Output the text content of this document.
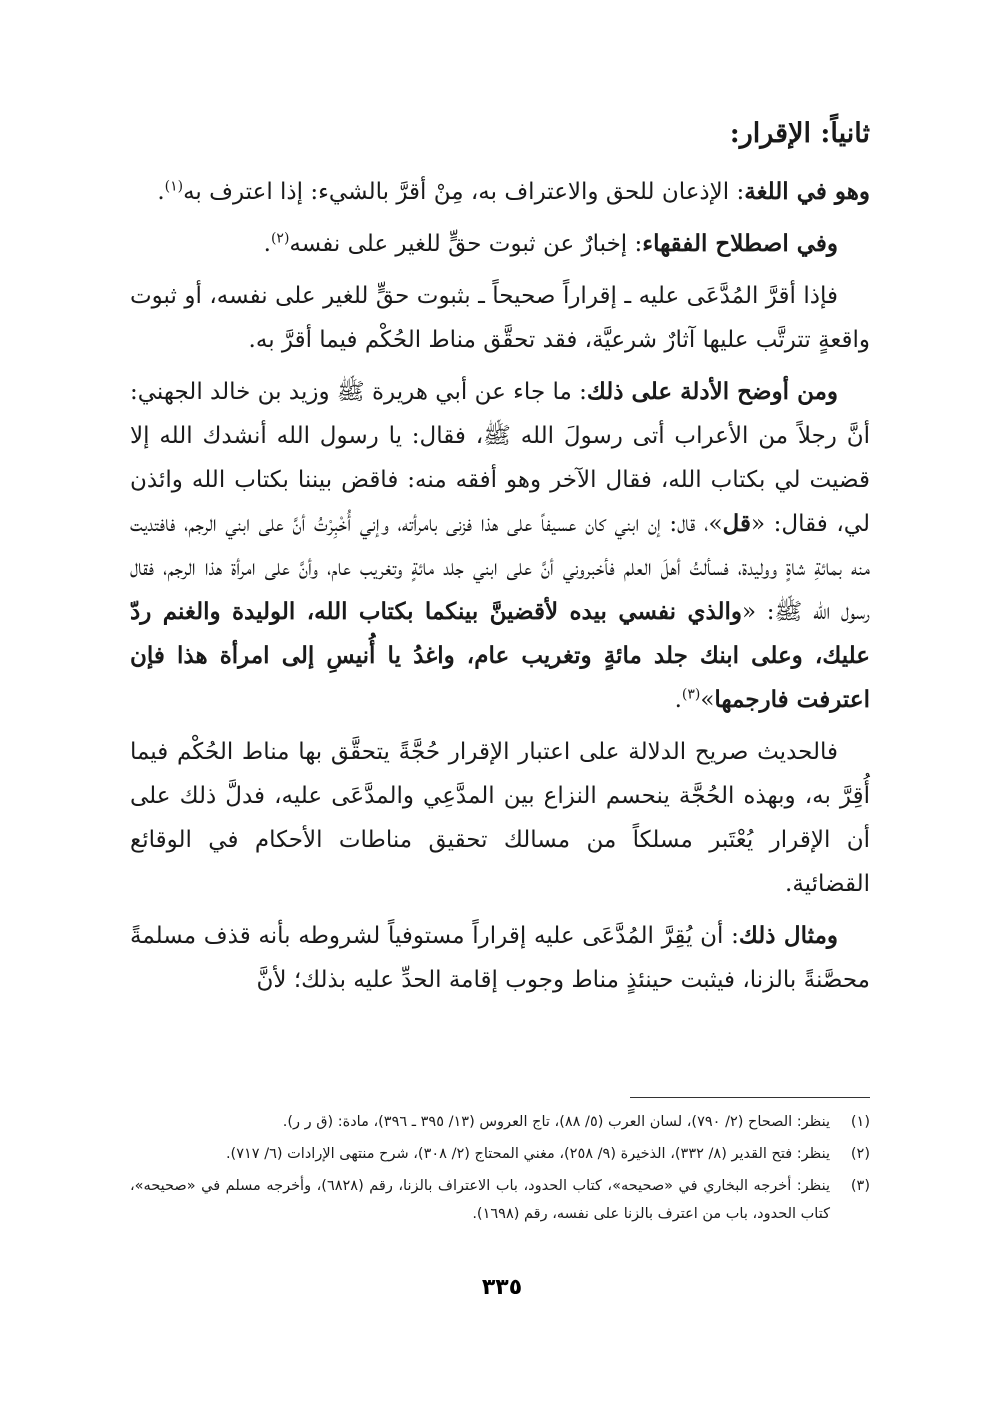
ثانياً: الإقرار:

وهو في اللغة: الإذعان للحق والاعتراف به، مِنْ أقرَّ بالشيء: إذا اعترف به$^{(١)}$.

وفي اصطلاح الفقهاء: إخبارٌ عن ثبوت حقٍّ للغير على نفسه$^{(٢)}$.

فإذا أقرَّ المُدَّعَى عليه ـ إقراراً صحيحاً ـ بثبوت حقٍّ للغير على نفسه، أو ثبوت واقعةٍ تترتَّب عليها آثارٌ شرعيَّة، فقد تحقَّق مناط الحُكْم فيما أقرَّ به.

ومن أوضح الأدلة على ذلك: ما جاء عن أبي هريرة ﷺ وزيد بن خالد الجهني: أنَّ رجلاً من الأعراب أتى رسولَ الله ﷺ، فقال: يا رسول الله أنشدك الله إلا قضيت لي بكتاب الله، فقال الآخر وهو أفقه منه: فاقض بيننا بكتاب الله وائذن لي، فقال: «قل»، قال: إن ابني كان عسيفاً على هذا فزنى بامرأته، وإني أُخْبِرْتُ أنَّ على ابني الرجم، فافتديت منه بمائةِ شاةٍ ووليدة، فسألتُ أهلَ العلم فأخبروني أنَّ على ابني جلد مائةٍ وتغريب عام، وأنَّ على امرأة هذا الرجم، فقال رسول الله ﷺ: «والذي نفسي بيده لأقضينَّ بينكما بكتاب الله، الوليدة والغنم ردّ عليك، وعلى ابنك جلد مائةٍ وتغريب عام، واغدُ يا أُنيسِ إلى امرأة هذا فإن اعترفت فارجمها»$^{(٣)}$.

فالحديث صريح الدلالة على اعتبار الإقرار حُجَّةً يتحقَّق بها مناط الحُكْم فيما أُقِرَّ به، وبهذه الحُجَّة ينحسم النزاع بين المدَّعِي والمدَّعَى عليه، فدلَّ ذلك على أن الإقرار يُعْتَبر مسلكاً من مسالك تحقيق مناطات الأحكام في الوقائع القضائية.

ومثال ذلك: أن يُقِرَّ المُدَّعَى عليه إقراراً مستوفياً لشروطه بأنه قذف مسلمةً محصَّنةً بالزنا، فيثبت حينئذٍ مناط وجوب إقامة الحدِّ عليه بذلك؛ لأنَّ

(١)
ينظر: الصحاح (٢/ ٧٩٠)، لسان العرب (٥/ ٨٨)، تاج العروس (١٣/ ٣٩٥ ـ ٣٩٦)، مادة: (ق ر ر).
(٢)
ينظر: فتح القدير (٨/ ٣٣٢)، الذخيرة (٩/ ٢٥٨)، مغني المحتاج (٢/ ٣٠٨)، شرح منتهى الإرادات (٦/ ٧١٧).
(٣)
ينظر: أخرجه البخاري في «صحيحه»، كتاب الحدود، باب الاعتراف بالزنا، رقم (٦٨٢٨)، وأخرجه مسلم في «صحيحه»، كتاب الحدود، باب من اعترف بالزنا على نفسه، رقم (١٦٩٨).
٣٣٥
